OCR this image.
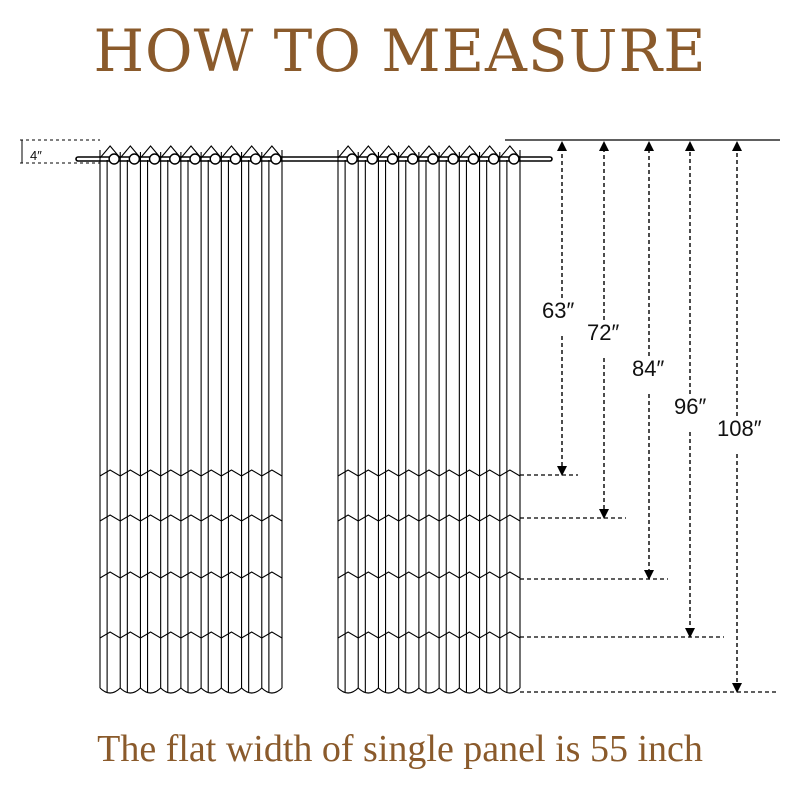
HOW TO MEASURE
4″
63″
72″
84″
96″
108″
The flat width of single panel is 55 inch
